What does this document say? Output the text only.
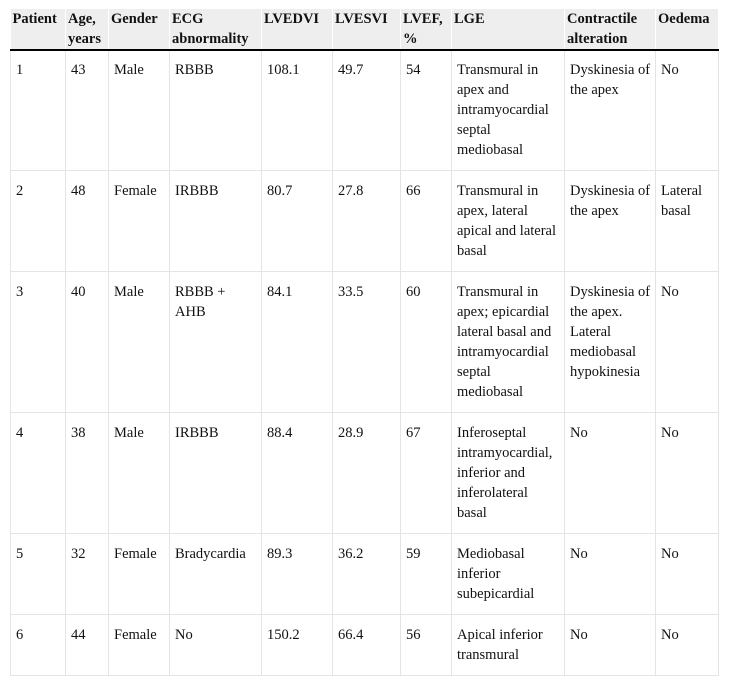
Patient	Age, years	Gender	ECG abnormality	LVEDVI	LVESVI	LVEF, %	LGE	Contractile alteration	Oedema
1	43	Male	RBBB	108.1	49.7	54	Transmural in apex and intramyocardial septal mediobasal	Dyskinesia of the apex	No
2	48	Female	IRBBB	80.7	27.8	66	Transmural in apex, lateral apical and lateral basal	Dyskinesia of the apex	Lateral basal
3	40	Male	RBBB + AHB	84.1	33.5	60	Transmural in apex; epicardial lateral basal and intramyocardial septal mediobasal	Dyskinesia of the apex. Lateral mediobasal hypokinesia	No
4	38	Male	IRBBB	88.4	28.9	67	Inferoseptal intramyocardial, inferior and inferolateral basal	No	No
5	32	Female	Bradycardia	89.3	36.2	59	Mediobasal inferior subepicardial	No	No
6	44	Female	No	150.2	66.4	56	Apical inferior transmural	No	No
